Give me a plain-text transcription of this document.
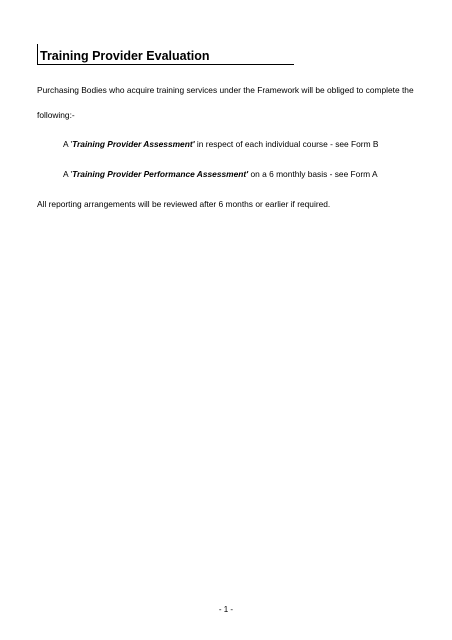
Training Provider Evaluation
Purchasing Bodies who acquire training services under the Framework will be obliged to complete the
following:-
A 'Training Provider Assessment' in respect of each individual course - see Form B
A 'Training Provider Performance Assessment' on a 6 monthly basis - see Form A
All reporting arrangements will be reviewed after 6 months or earlier if required.
- 1 -
